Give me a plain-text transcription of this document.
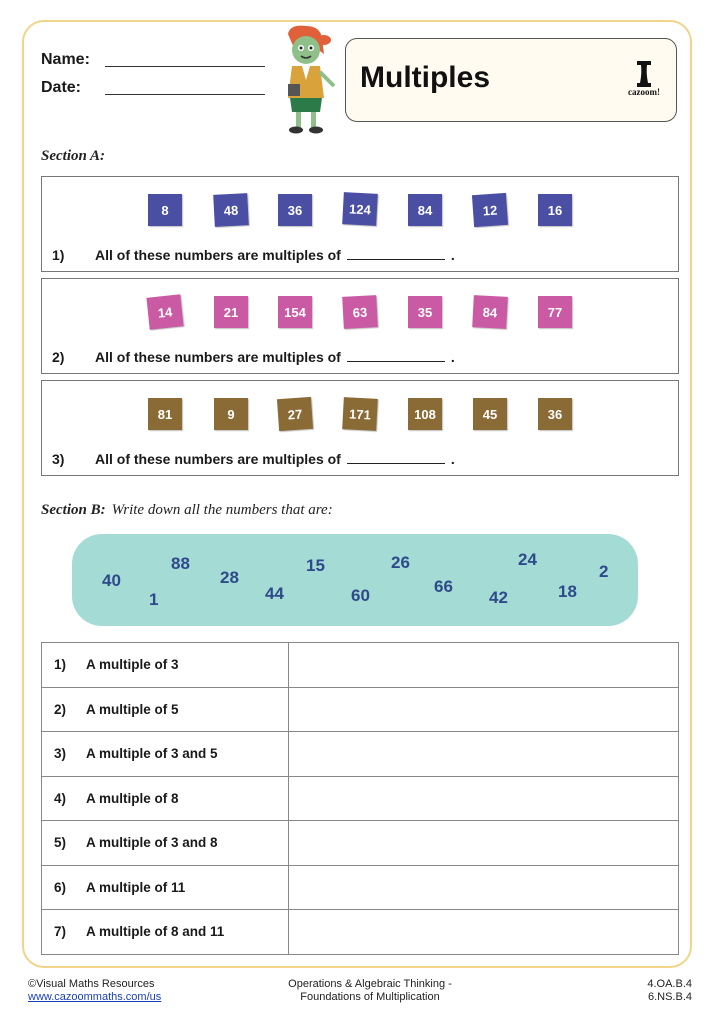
Name:
Date:	Multiples	cazoom!
Section A:
8	48	36	124	84	12	16
1) All of these numbers are multiples of	.
14	21	154	63	35	84	77
2) All of these numbers are multiples of	.
81	9	27	171	108	45	36
3) All of these numbers are multiples of	.
Section B: Write down all the numbers that are:
40
88
1
28
44
15
60
26
66
24
42	18
2
1) A multiple of 3	
2) A multiple of 5	
3) A multiple of 3 and 5	
4) A multiple of 8	
5) A multiple of 3 and 8	
6) A multiple of 11	
7) A multiple of 8 and 11	
©Visual Maths Resources
www.cazoommaths.com/us
Operations & Algebraic Thinking -
Foundations of Multiplication
4.OA.B.4
6.NS.B.4
